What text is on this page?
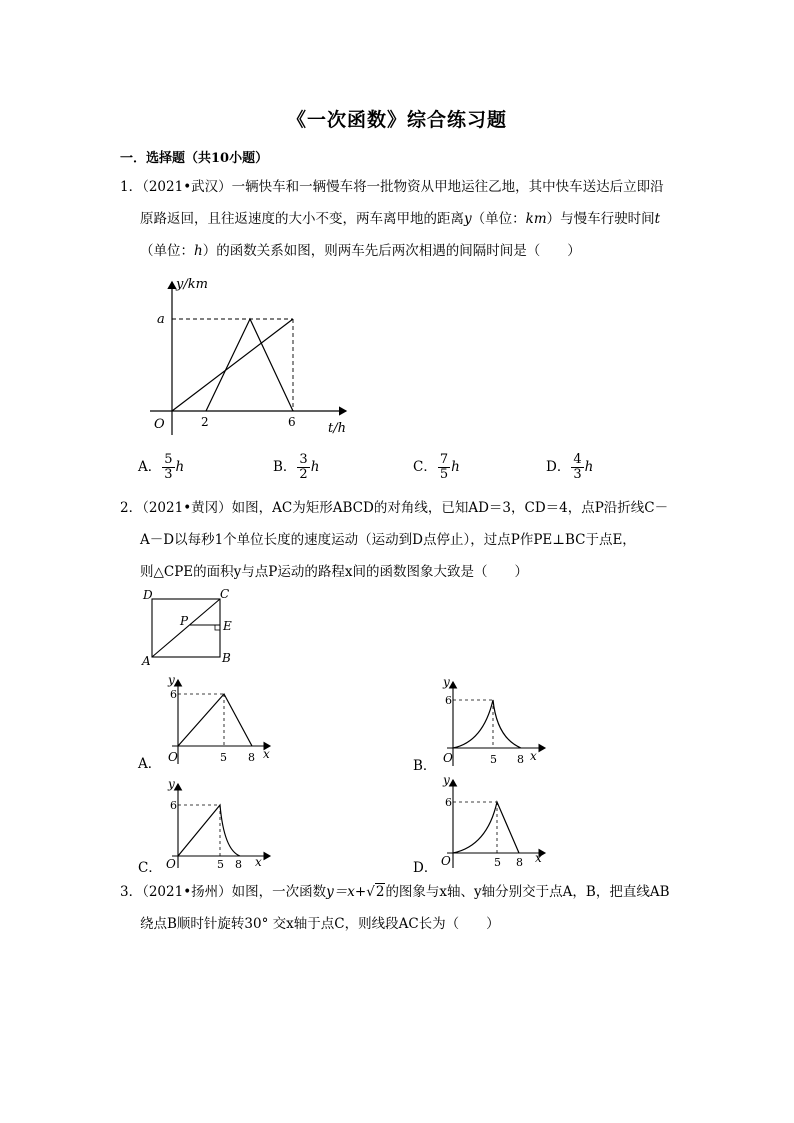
《一次函数》综合练习题
一．选择题（共10小题）
1．（2021•武汉）一辆快车和一辆慢车将一批物资从甲地运往乙地，其中快车送达后立即沿
原路返回，且往返速度的大小不变，两车离甲地的距离y（单位：km）与慢车行驶时间t
（单位：h）的函数关系如图，则两车先后两次相遇的间隔时间是（　　）
y/km
a
O	2	6 t/h
A． $\frac{5}{3}$ h	B． $\frac{3}{2}$ h	C． $\frac{7}{5}$ h	D． $\frac{4}{3}$ h
2．（2021•黄冈）如图，AC为矩形ABCD的对角线，已知AD＝3，CD＝4，点P沿折线C－
A－D以每秒1个单位长度的速度运动（运动到D点停止），过点P作PE⊥BC于点E，
则△CPE的面积y与点P运动的路程x间的函数图象大致是（　　）
D	C
P	E
A	B
A．
y
6
O	5 8 x
B．
y
6
O	5 8 x
C．
y
6
O	5 8 x	D．
y
6
O	5 8 x
3．（2021•扬州）如图，一次函数y＝x+√2的图象与x轴、y轴分别交于点A，B，把直线AB
绕点B顺时针旋转30° 交x轴于点C，则线段AC长为（　　）
